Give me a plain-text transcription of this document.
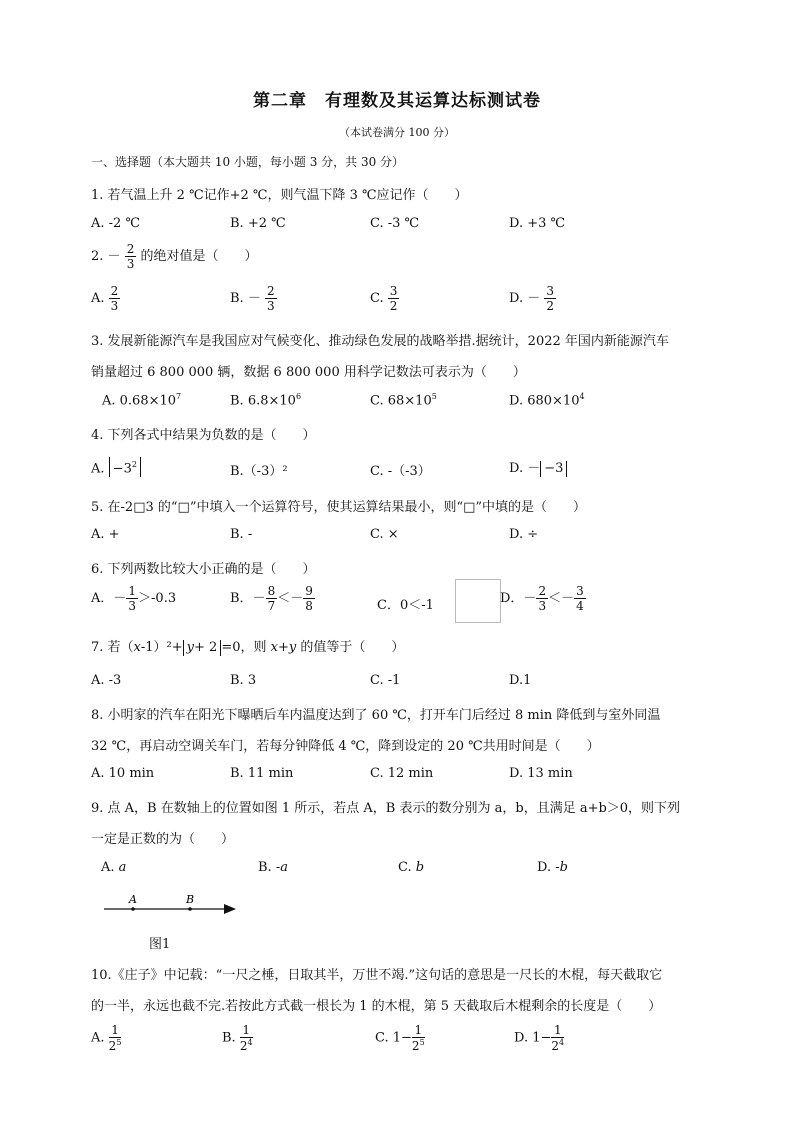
第二章　有理数及其运算达标测试卷
（本试卷满分 100 分）
一、选择题（本大题共 10 小题，每小题 3 分，共 30 分）
1. 若气温上升 2 ℃记作+2 ℃，则气温下降 3 ℃应记作（　　）
A. -2 ℃	B. +2 ℃	C. -3 ℃	D. +3 ℃
2. － $\frac{2}{3}$ 的绝对值是（　　）
A. $\frac{2}{3}$	B. － $\frac{2}{3}$	C. $\frac{3}{2}$	D. － $\frac{3}{2}$
3. 发展新能源汽车是我国应对气候变化、推动绿色发展的战略举措.据统计，2022 年国内新能源汽车
销量超过 6 800 000 辆，数据 6 800 000 用科学记数法可表示为（　　）
A. $0.68\times 10^7$	B. $6.8\times 10^6$	C. $68\times 10^5$	D. $680\times 10^4$
4. 下列各式中结果为负数的是（　　）
A. $-3^2$	B.（-3）²	C. -（-3）	D. － −3
5. 在-2□3 的“□”中填入一个运算符号，使其运算结果最小，则“□”中填的是（　　）
A. +	B. -	C. ×	D. ÷
6. 下列两数比较大小正确的是（　　）
A．－ $\frac{1}{3} >-0.3$	B．－ $\frac{8}{7} <- \frac{9}{8}$	C．0＜-1	D．－ $\frac{2}{3} <- \frac{3}{4}$
7. 若（x-1）²+ y+ 2 =0，则 x+y 的值等于（　　）
A. -3	B. 3	C. -1	D.1
8. 小明家的汽车在阳光下曝晒后车内温度达到了 60 ℃，打开车门后经过 8 min 降低到与室外同温
32 ℃，再启动空调关车门，若每分钟降低 4 ℃，降到设定的 20 ℃共用时间是（　　）
A. 10 min	B. 11 min	C. 12 min	D. 13 min
9. 点 A，B 在数轴上的位置如图 1 所示，若点 A，B 表示的数分别为 a，b，且满足 a+b＞0，则下列
一定是正数的为（　　）
A. a	B. -a	C. b	D. -b
A	B
图1
10.《庄子》中记载：“一尺之棰，日取其半，万世不竭.”这句话的意思是一尺长的木棍，每天截取它
的一半，永远也截不完.若按此方式截一根长为 1 的木棍，第 5 天截取后木棍剩余的长度是（　　）
A. $\frac{1}{2^5}$	B. $\frac{1}{2^4}$	C. $1- \frac{1}{2^5}$	D. $1- \frac{1}{2^4}$
